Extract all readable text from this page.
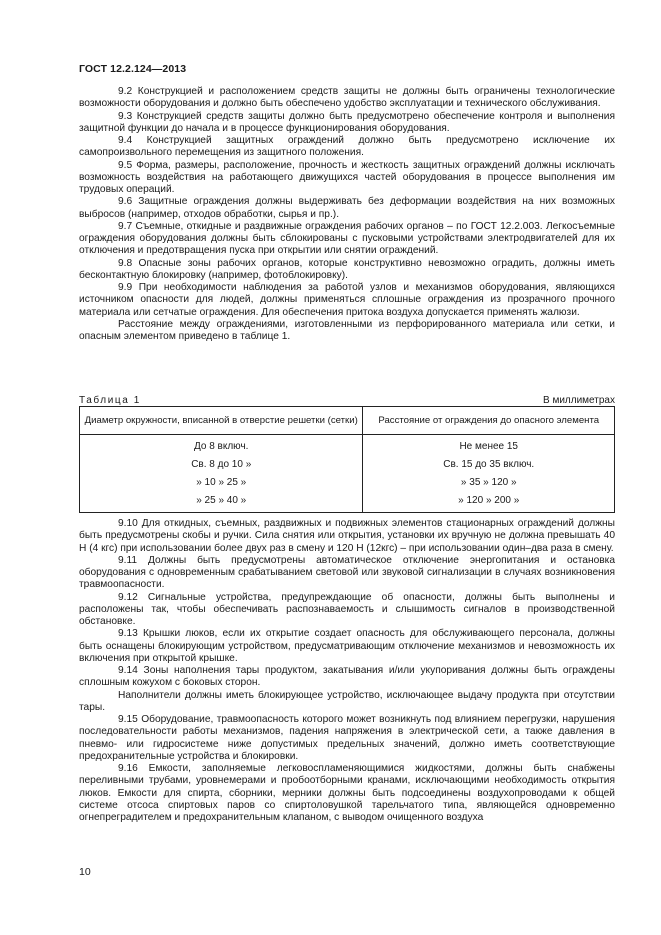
ГОСТ 12.2.124—2013

9.2 Конструкцией и расположением средств защиты не должны быть ограничены технологические возможности оборудования и должно быть обеспечено удобство эксплуатации и технического обслуживания.

9.3 Конструкцией средств защиты должно быть предусмотрено обеспечение контроля и выполнения защитной функции до начала и в процессе функционирования оборудования.

9.4 Конструкцией защитных ограждений должно быть предусмотрено исключение их самопроизвольного перемещения из защитного положения.

9.5 Форма, размеры, расположение, прочность и жесткость защитных ограждений должны исключать возможность воздействия на работающего движущихся частей оборудования в процессе выполнения им трудовых операций.

9.6 Защитные ограждения должны выдерживать без деформации воздействия на них возможных выбросов (например, отходов обработки, сырья и пр.).

9.7 Съемные, откидные и раздвижные ограждения рабочих органов – по ГОСТ 12.2.003. Легкосъемные ограждения оборудования должны быть сблокированы с пусковыми устройствами электродвигателей для их отключения и предотвращения пуска при открытии или снятии ограждений.

9.8 Опасные зоны рабочих органов, которые конструктивно невозможно оградить, должны иметь бесконтактную блокировку (например, фотоблокировку).

9.9 При необходимости наблюдения за работой узлов и механизмов оборудования, являющихся источником опасности для людей, должны применяться сплошные ограждения из прозрачного прочного материала или сетчатые ограждения. Для обеспечения притока воздуха допускается применять жалюзи.

Расстояние между ограждениями, изготовленными из перфорированного материала или сетки, и опасным элементом приведено в таблице 1.

Таблица 1	В миллиметрах
Диаметр окружности, вписанной в отверстие решетки (сетки)	Расстояние от ограждения до опасного элемента
До 8 включ.	Не менее 15
Св. 8 до 10 »	Св. 15 до 35 включ.
» 10 » 25 »	» 35 » 120 »
» 25 » 40 »	» 120 » 200 »

9.10 Для откидных, съемных, раздвижных и подвижных элементов стационарных ограждений должны быть предусмотрены скобы и ручки. Сила снятия или открытия, установки их вручную не должна превышать 40 Н (4 кгс) при использовании более двух раз в смену и 120 Н (12кгс) – при использовании один–два раза в смену.

9.11 Должны быть предусмотрены автоматическое отключение энергопитания и остановка оборудования с одновременным срабатыванием световой или звуковой сигнализации в случаях возникновения травмоопасности.

9.12 Сигнальные устройства, предупреждающие об опасности, должны быть выполнены и расположены так, чтобы обеспечивать распознаваемость и слышимость сигналов в производственной обстановке.

9.13 Крышки люков, если их открытие создает опасность для обслуживающего персонала, должны быть оснащены блокирующим устройством, предусматривающим отключение механизмов и невозможность их включения при открытой крышке.

9.14 Зоны наполнения тары продуктом, закатывания и/или укупоривания должны быть ограждены сплошным кожухом с боковых сторон.

Наполнители должны иметь блокирующее устройство, исключающее выдачу продукта при отсутствии тары.

9.15 Оборудование, травмоопасность которого может возникнуть под влиянием перегрузки, нарушения последовательности работы механизмов, падения напряжения в электрической сети, а также давления в пневмо- или гидросистеме ниже допустимых предельных значений, должно иметь соответствующие предохранительные устройства и блокировки.

9.16 Емкости, заполняемые легковоспламеняющимися жидкостями, должны быть снабжены переливными трубами, уровнемерами и пробоотборными кранами, исключающими необходимость открытия люков. Емкости для спирта, сборники, мерники должны быть подсоединены воздухопроводами к общей системе отсоса спиртовых паров со спиртоловушкой тарельчатого типа, являющейся одновременно огнепреградителем и предохранительным клапаном, с выводом очищенного воздуха

10
